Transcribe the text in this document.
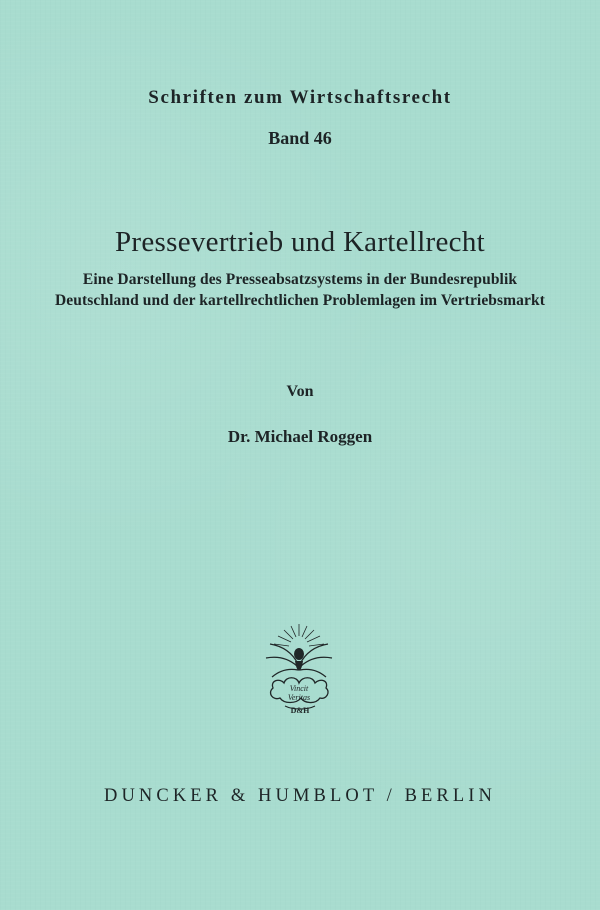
Schriften zum Wirtschaftsrecht
Band 46
Pressevertrieb und Kartellrecht
Eine Darstellung des Presseabsatzsystems in der Bundesrepublik
Deutschland und der kartellrechtlichen Problemlagen im Vertriebsmarkt
Von
Dr. Michael Roggen
Vincit
Veritas
D&H
DUNCKER & HUMBLOT / BERLIN
